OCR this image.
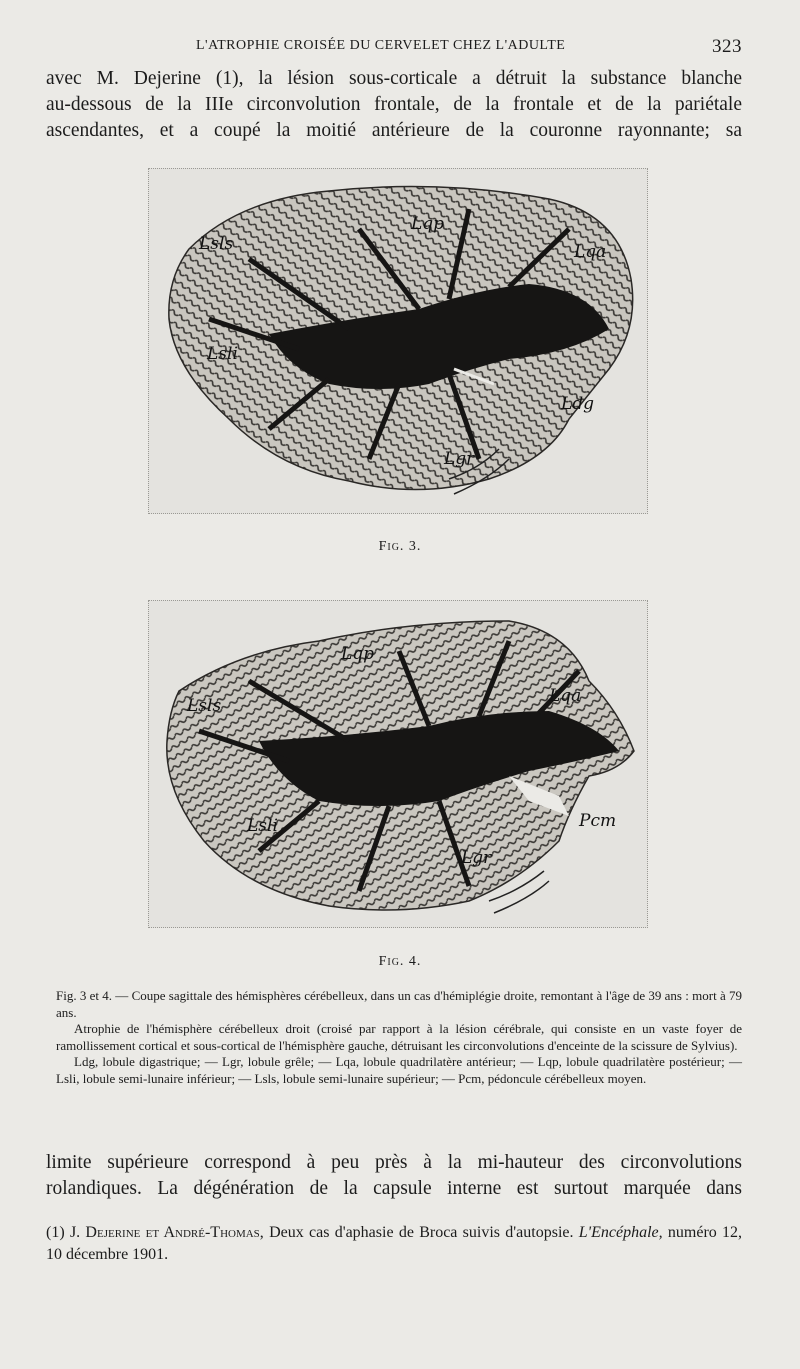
L'ATROPHIE CROISÉE DU CERVELET CHEZ L'ADULTE	323
avec M. Dejerine (1), la lésion sous-corticale a détruit la substance blanche
au-dessous de la IIIe circonvolution frontale, de la frontale et de la pariétale
ascendantes, et a coupé la moitié antérieure de la couronne rayonnante; sa
Lsls
Lqp
Lqa
Lsli
Ldg
Lgr
Fig. 3.
Lqp
Lsls	Lqa
Pcm
Lsli
Lgr
Fig. 4.

Fig. 3 et 4. — Coupe sagittale des hémisphères cérébelleux, dans un cas d'hémiplégie droite, remontant à l'âge de 39 ans : mort à 79 ans.

Atrophie de l'hémisphère cérébelleux droit (croisé par rapport à la lésion cérébrale, qui consiste en un vaste foyer de ramollissement cortical et sous-cortical de l'hémisphère gauche, détruisant les circonvolutions d'enceinte de la scissure de Sylvius).

Ldg, lobule digastrique; — Lgr, lobule grêle; — Lqa, lobule quadrilatère antérieur; — Lqp, lobule quadrilatère postérieur; — Lsli, lobule semi-lunaire inférieur; — Lsls, lobule semi-lunaire supérieur; — Pcm, pédoncule cérébelleux moyen.

limite supérieure correspond à peu près à la mi-hauteur des circonvolutions
rolandiques. La dégénération de la capsule interne est surtout marquée dans
(1) J. Dejerine et André-Thomas, Deux cas d'aphasie de Broca suivis d'autopsie. L'Encéphale, numéro 12, 10 décembre 1901.
